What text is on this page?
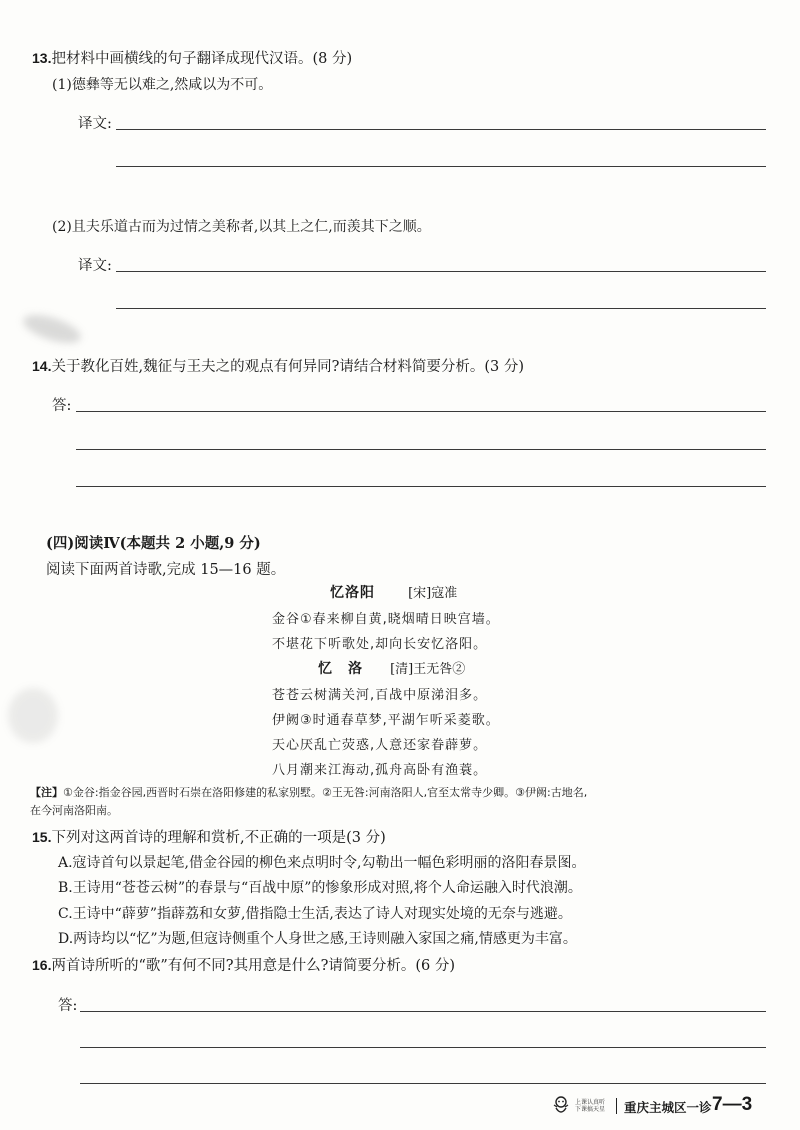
13.把材料中画横线的句子翻译成现代汉语。(8 分)
(1)德彝等无以难之,然咸以为不可。
译文:
(2)且夫乐道古而为过情之美称者,以其上之仁,而羡其下之顺。
译文:
14.关于教化百姓,魏征与王夫之的观点有何异同?请结合材料简要分析。(3 分)
答:
(四)阅读Ⅳ(本题共 2 小题,9 分)
阅读下面两首诗歌,完成 15—16 题。
忆洛阳	[宋]寇准
金谷①春来柳自黄,晓烟晴日映宫墙。
不堪花下听歌处,却向长安忆洛阳。
忆　洛 [清]王无咎②
苍苍云树满关河,百战中原涕泪多。
伊阙③时通春草梦,平湖乍听采菱歌。
天心厌乱亡荧惑,人意还家眷薜萝。
八月潮来江海动,孤舟高卧有渔蓑。
【注】①金谷:指金谷园,西晋时石崇在洛阳修建的私家别墅。②王无咎:河南洛阳人,官至太常寺少卿。③伊阙:古地名,
在今河南洛阳南。
15.下列对这两首诗的理解和赏析,不正确的一项是(3 分)
A.寇诗首句以景起笔,借金谷园的柳色来点明时令,勾勒出一幅色彩明丽的洛阳春景图。
B.王诗用“苍苍云树”的春景与“百战中原”的惨象形成对照,将个人命运融入时代浪潮。
C.王诗中“薜萝”指薜荔和女萝,借指隐士生活,表达了诗人对现实处境的无奈与逃避。
D.两诗均以“忆”为题,但寇诗侧重个人身世之感,王诗则融入家国之痛,情感更为丰富。
16.两首诗所听的“歌”有何不同?其用意是什么?请简要分析。(6 分)
答:
上课认真听
下课搞天星 重庆主城区一诊 7—3
